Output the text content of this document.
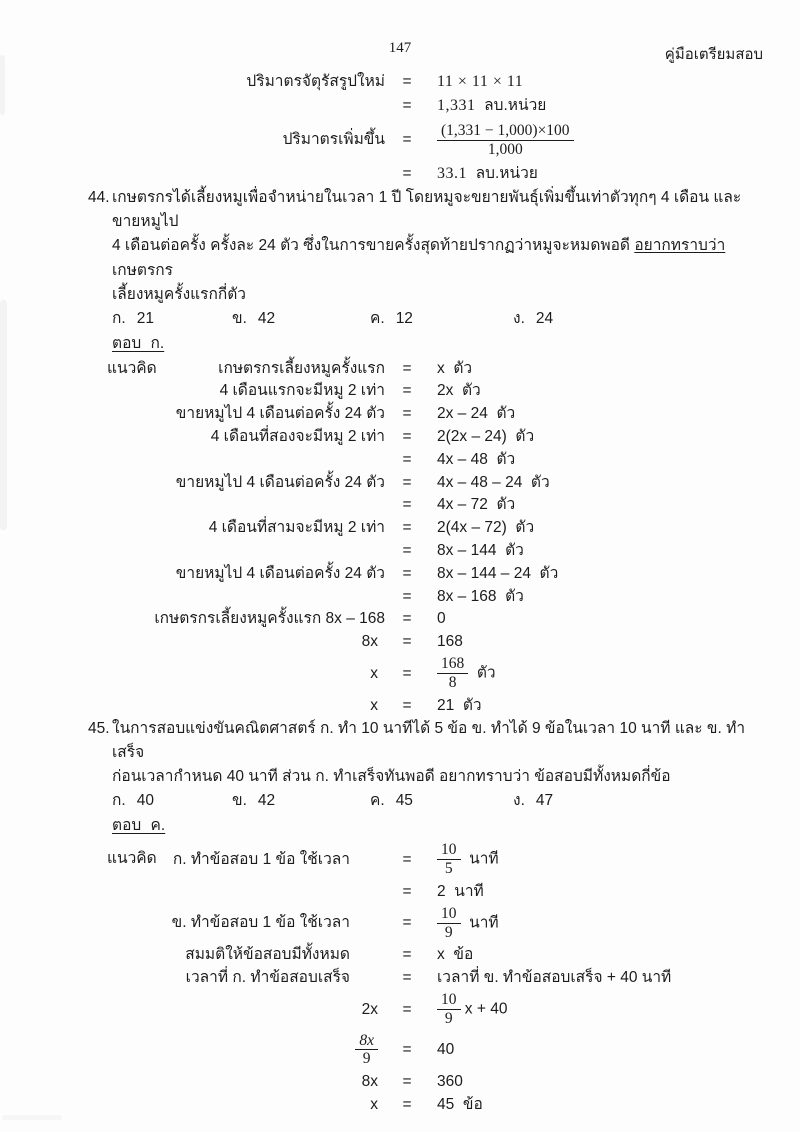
147	คู่มือเตรียมสอบ
ปริมาตรจัตุรัสรูปใหม่	=	11 × 11 × 11
=	1,331  ลบ.หน่วย
ปริมาตรเพิ่มขึ้น	=	$\frac{(1,331 - 1,000)\times 100}{1,000}$
=	33.1  ลบ.หน่วย
44. เกษตรกรได้เลี้ยงหมูเพื่อจำหน่ายในเวลา 1 ปี โดยหมูจะขยายพันธุ์เพิ่มขึ้นเท่าตัวทุกๆ 4 เดือน และขายหมูไป
4 เดือนต่อครั้ง ครั้งละ 24 ตัว ซึ่งในการขายครั้งสุดท้ายปรากฏว่าหมูจะหมดพอดี อยากทราบว่า เกษตรกร
เลี้ยงหมูครั้งแรกกี่ตัว
ก. 21	ข. 42	ค. 12	ง. 24
ตอบ ก.
แนวคิด	เกษตรกรเลี้ยงหมูครั้งแรก	=	x  ตัว
4 เดือนแรกจะมีหมู 2 เท่า	=	2x  ตัว
ขายหมูไป 4 เดือนต่อครั้ง 24 ตัว	=	2x – 24  ตัว
4 เดือนที่สองจะมีหมู 2 เท่า	=	2(2x – 24)  ตัว
=	4x – 48  ตัว
ขายหมูไป 4 เดือนต่อครั้ง 24 ตัว	=	4x – 48 – 24  ตัว
=	4x – 72  ตัว
4 เดือนที่สามจะมีหมู 2 เท่า	=	2(4x – 72)  ตัว
=	8x – 144  ตัว
ขายหมูไป 4 เดือนต่อครั้ง 24 ตัว	=	8x – 144 – 24  ตัว
=	8x – 168  ตัว
เกษตรกรเลี้ยงหมูครั้งแรก 8x – 168	=	0
8x	=	168
x	=	$\frac{168}{8}$ ตัว
x	=	21  ตัว
45. ในการสอบแข่งขันคณิตศาสตร์ ก. ทำ 10 นาทีได้ 5 ข้อ ข. ทำได้ 9 ข้อในเวลา 10 นาที และ ข. ทำเสร็จ
ก่อนเวลากำหนด 40 นาที ส่วน ก. ทำเสร็จทันพอดี อยากทราบว่า ข้อสอบมีทั้งหมดกี่ข้อ
ก. 40	ข. 42	ค. 45	ง. 47
ตอบ ค.
แนวคิด	ก. ทำข้อสอบ 1 ข้อ ใช้เวลา	=	$\frac{10}{5}$ นาที
=	2  นาที
ข. ทำข้อสอบ 1 ข้อ ใช้เวลา	=	$\frac{10}{9}$ นาที
สมมติให้ข้อสอบมีทั้งหมด	=	x  ข้อ
เวลาที่ ก. ทำข้อสอบเสร็จ	=	เวลาที่ ข. ทำข้อสอบเสร็จ + 40 นาที
2x	=	$\frac{10}{9}$ x + 40
$\frac{8x}{9}$	=	40
8x	=	360
x	=	45  ข้อ
